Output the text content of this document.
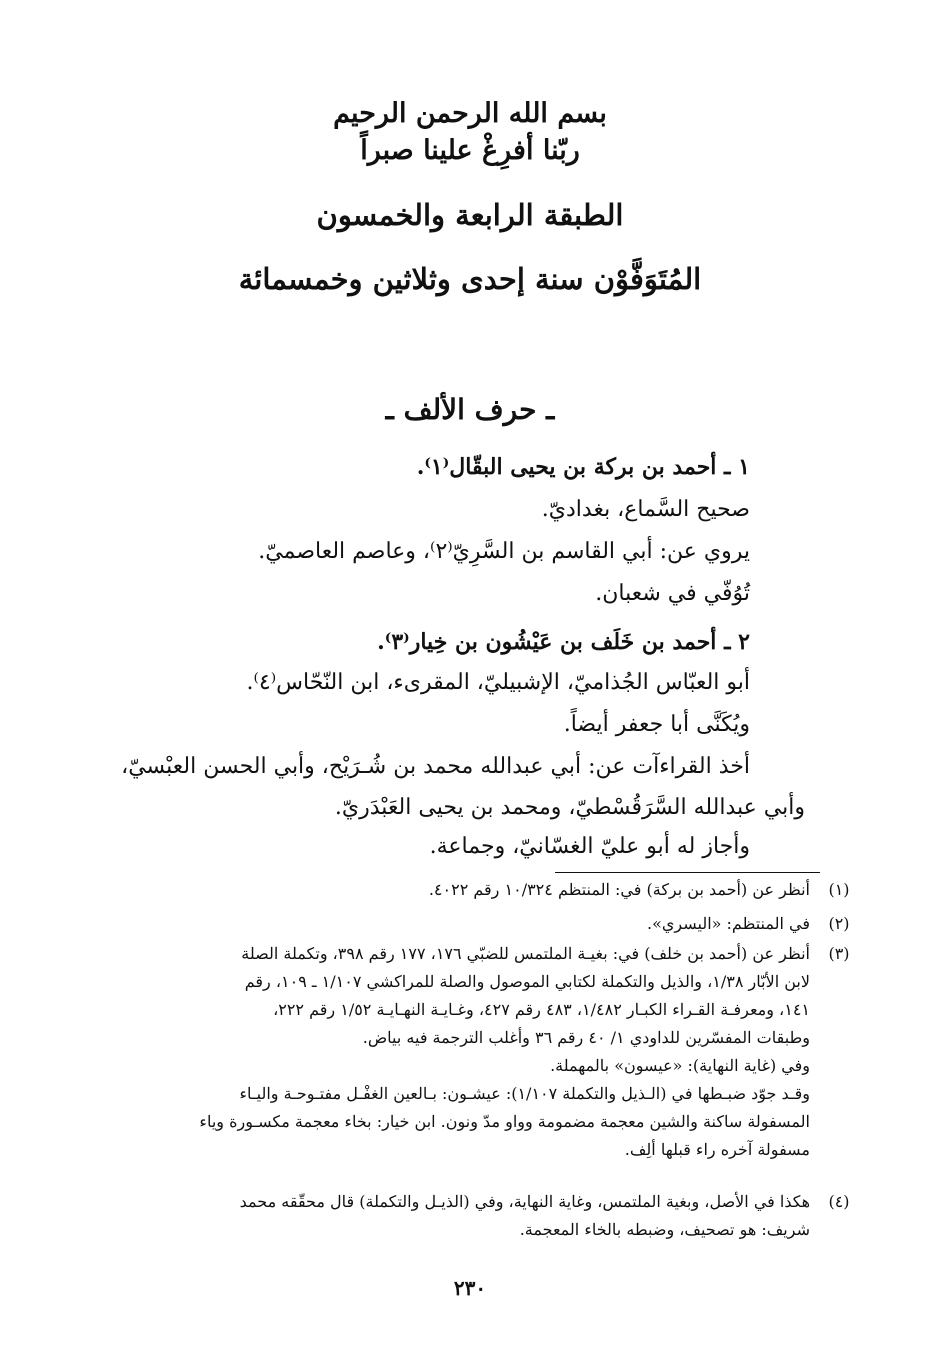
بسم الله الرحمن الرحيم
ربّنا أفرِغْ علينا صبراً
الطبقة الرابعة والخمسون
المُتَوَفَّوْن سنة إحدى وثلاثين وخمسمائة
ـ حرف الألف ـ
١ ـ أحمد بن بركة بن يحيى البقّال⁽١⁾.
صحيح السَّماع، بغداديّ.
يروي عن: أبي القاسم بن السَّرِيّ⁽٢⁾، وعاصم العاصميّ.
تُوُفّي في شعبان.
٢ ـ أحمد بن خَلَف بن عَيْشُون بن خِيار⁽٣⁾.
أبو العبّاس الجُذاميّ، الإشبيليّ، المقرىء، ابن النّحّاس⁽٤⁾.
ويُكَنَّى أبا جعفر أيضاً.
أخذ القراءآت عن: أبي عبدالله محمد بن شُـرَيْح، وأبي الحسن العبْسيّ،
وأبي عبدالله السَّرَقُسْطيّ، ومحمد بن يحيى العَبْدَريّ.
وأجاز له أبو عليّ الغسّانيّ، وجماعة.
(١)

أنظر عن (أحمد بن بركة) في: المنتظم ١٠/٣٢٤ رقم ٤٠٢٢.

(٢)

في المنتظم: «اليسري».

(٣)

أنظر عن (أحمد بن خلف) في: بغيـة الملتمس للضبّي ١٧٦، ١٧٧ رقم ٣٩٨، وتكملة الصلة

لابن الأبّار ١/٣٨، والذيل والتكملة لكتابي الموصول والصلة للمراكشي ١/١٠٧ ـ ١٠٩، رقم

١٤١، ومعرفـة القـراء الكبـار ١/٤٨٢، ٤٨٣ رقم ٤٢٧، وغـايـة النهـايـة ١/٥٢ رقم ٢٢٢،

وطبقات المفسّرين للداودي ١/ ٤٠ رقم ٣٦ وأغلب الترجمة فيه بياض.

وفي (غاية النهاية): «عيسون» بالمهملة.

وقـد جوّد ضبـطها في (الـذيل والتكملة ١/١٠٧): عيشـون: بـالعين الغفْـل مفتـوحـة واليـاء

المسفولة ساكنة والشين معجمة مضمومة وواو مدّ ونون. ابن خيار: بخاء معجمة مكسـورة وياء

مسفولة آخره راء قبلها ألِف.

(٤)

هكذا في الأصل، وبغية الملتمس، وغاية النهاية، وفي (الذيـل والتكملة) قال محقّقه محمد

شريف: هو تصحيف، وضبطه بالخاء المعجمة.

٢٣٠
